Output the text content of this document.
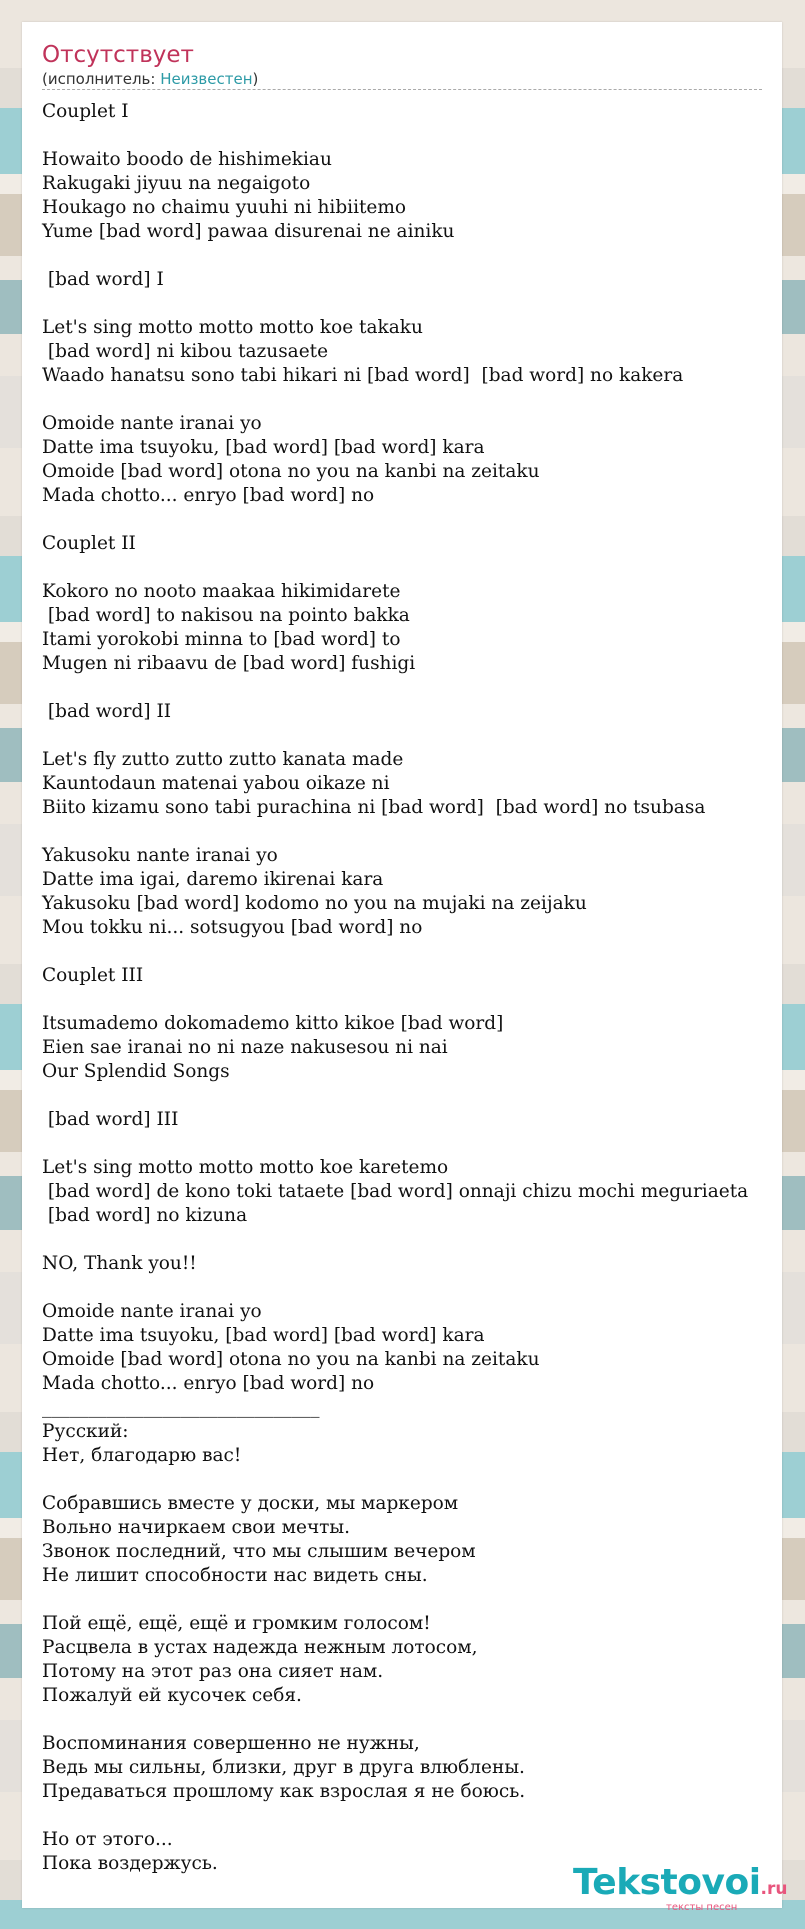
Отсутствует
(исполнитель: Неизвестен)
Couplet I

Howaito boodo de hishimekiau
Rakugaki jiyuu na negaigoto
Houkago no chaimu yuuhi ni hibiitemo
Yume [bad word] pawaa disurenai ne ainiku

[bad word] I

Let's sing motto motto motto koe takaku
[bad word] ni kibou tazusaete
Waado hanatsu sono tabi hikari ni [bad word]  [bad word] no kakera

Omoide nante iranai yo
Datte ima tsuyoku, [bad word] [bad word] kara
Omoide [bad word] otona no you na kanbi na zeitaku
Mada chotto... enryo [bad word] no

Couplet II

Kokoro no nooto maakaa hikimidarete
[bad word] to nakisou na pointo bakka
Itami yorokobi minna to [bad word] to
Mugen ni ribaavu de [bad word] fushigi

[bad word] II

Let's fly zutto zutto zutto kanata made
Kauntodaun matenai yabou oikaze ni
Biito kizamu sono tabi purachina ni [bad word]  [bad word] no tsubasa

Yakusoku nante iranai yo
Datte ima igai, daremo ikirenai kara
Yakusoku [bad word] kodomo no you na mujaki na zeijaku
Mou tokku ni... sotsugyou [bad word] no

Couplet III

Itsumademo dokomademo kitto kikoe [bad word]
Eien sae iranai no ni naze nakusesou ni nai
Our Splendid Songs

[bad word] III

Let's sing motto motto motto koe karetemo
[bad word] de kono toki tataete [bad word] onnaji chizu mochi meguriaeta
[bad word] no kizuna

NO, Thank you!!

Omoide nante iranai yo
Datte ima tsuyoku, [bad word] [bad word] kara
Omoide [bad word] otona no you na kanbi na zeitaku
Mada chotto... enryo [bad word] no
______________________________
Русский:
Нет, благодарю вас!

Собравшись вместе у доски, мы маркером
Вольно начиркаем свои мечты.
Звонок последний, что мы слышим вечером
Не лишит способности нас видеть сны.

Пой ещё, ещё, ещё и громким голосом!
Расцвела в устах надежда нежным лотосом,
Потому на этот раз она сияет нам.
Пожалуй ей кусочек себя.

Воспоминания совершенно не нужны,
Ведь мы сильны, близки, друг в друга влюблены.
Предаваться прошлому как взрослая я не боюсь.

Но от этого...
Пока воздержусь.	Tekstovoi.ru
тексты песен
